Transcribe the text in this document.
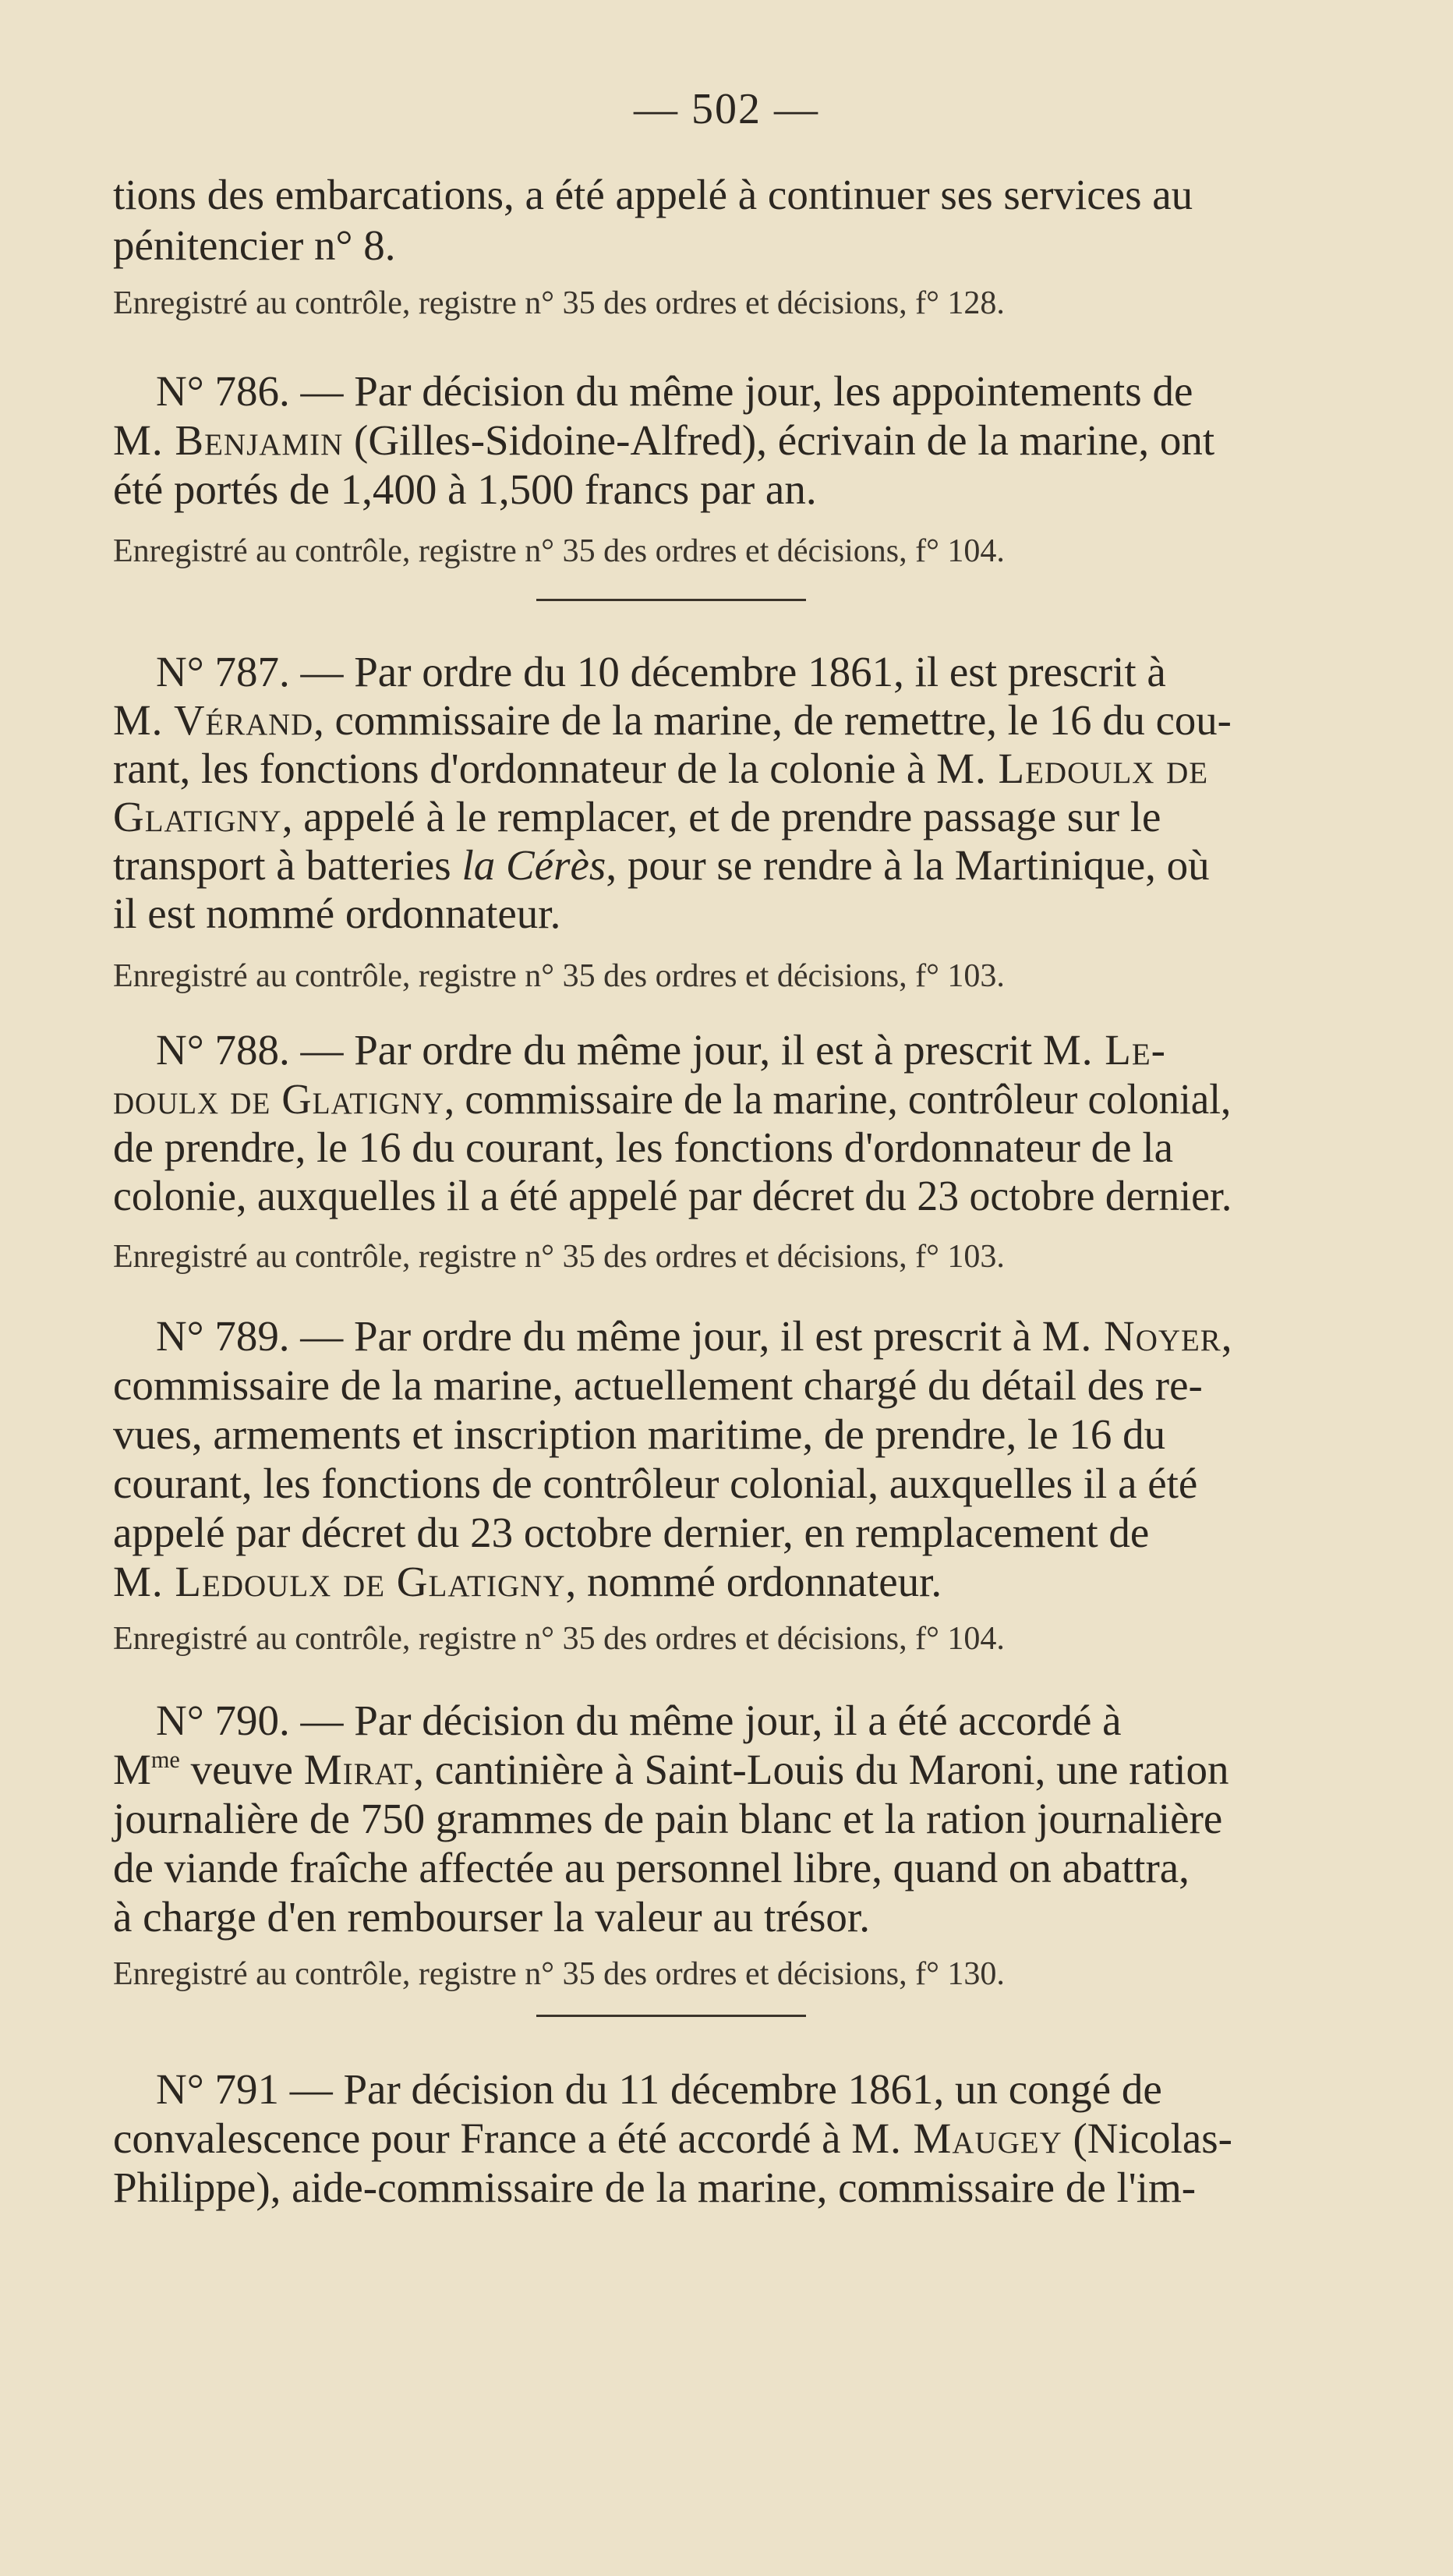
— 502 —
tions des embarcations, a été appelé à continuer ses services au
pénitencier n° 8.
Enregistré au contrôle, registre n° 35 des ordres et décisions, f° 128.
N° 786. — Par décision du même jour, les appointements de
M. Benjamin (Gilles-Sidoine-Alfred), écrivain de la marine, ont
été portés de 1,400 à 1,500 francs par an.
Enregistré au contrôle, registre n° 35 des ordres et décisions, f° 104.
N° 787. — Par ordre du 10 décembre 1861, il est prescrit à
M. Vérand, commissaire de la marine, de remettre, le 16 du cou-
rant, les fonctions d'ordonnateur de la colonie à M. Ledoulx de
Glatigny, appelé à le remplacer, et de prendre passage sur le
transport à batteries la Cérès, pour se rendre à la Martinique, où
il est nommé ordonnateur.
Enregistré au contrôle, registre n° 35 des ordres et décisions, f° 103.
N° 788. — Par ordre du même jour, il est à prescrit M. Le-
doulx de Glatigny, commissaire de la marine, contrôleur colonial,
de prendre, le 16 du courant, les fonctions d'ordonnateur de la
colonie, auxquelles il a été appelé par décret du 23 octobre dernier.
Enregistré au contrôle, registre n° 35 des ordres et décisions, f° 103.
N° 789. — Par ordre du même jour, il est prescrit à M. Noyer,
commissaire de la marine, actuellement chargé du détail des re-
vues, armements et inscription maritime, de prendre, le 16 du
courant, les fonctions de contrôleur colonial, auxquelles il a été
appelé par décret du 23 octobre dernier, en remplacement de
M. Ledoulx de Glatigny, nommé ordonnateur.
Enregistré au contrôle, registre n° 35 des ordres et décisions, f° 104.
N° 790. — Par décision du même jour, il a été accordé à
$M^{me}$ veuve Mirat, cantinière à Saint-Louis du Maroni, une ration
journalière de 750 grammes de pain blanc et la ration journalière
de viande fraîche affectée au personnel libre, quand on abattra,
à charge d'en rembourser la valeur au trésor.
Enregistré au contrôle, registre n° 35 des ordres et décisions, f° 130.
N° 791 — Par décision du 11 décembre 1861, un congé de
convalescence pour France a été accordé à M. Maugey (Nicolas-
Philippe), aide-commissaire de la marine, commissaire de l'im-
